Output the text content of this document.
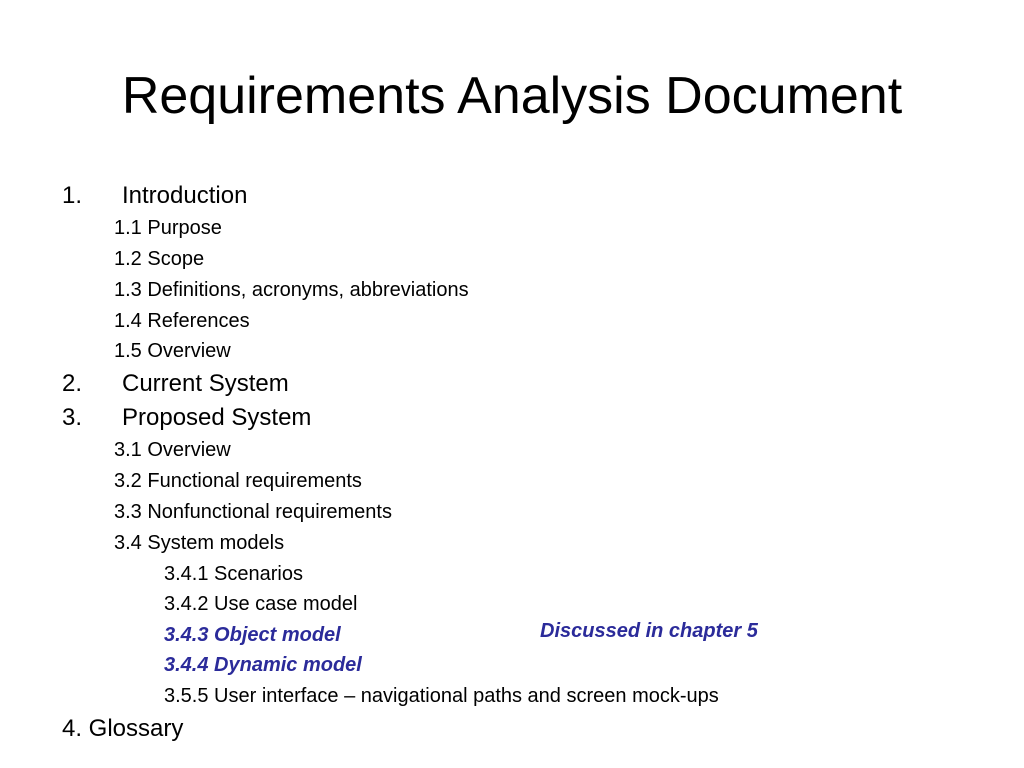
Requirements Analysis Document
1. Introduction
1.1 Purpose
1.2 Scope
1.3 Definitions, acronyms, abbreviations
1.4 References
1.5 Overview
2. Current System
3. Proposed System
3.1 Overview
3.2 Functional requirements
3.3 Nonfunctional requirements
3.4 System models
3.4.1 Scenarios
3.4.2 Use case model
3.4.3 Object model
3.4.4 Dynamic model
3.5.5 User interface – navigational paths and screen mock-ups
4. Glossary
Discussed in chapter 5
